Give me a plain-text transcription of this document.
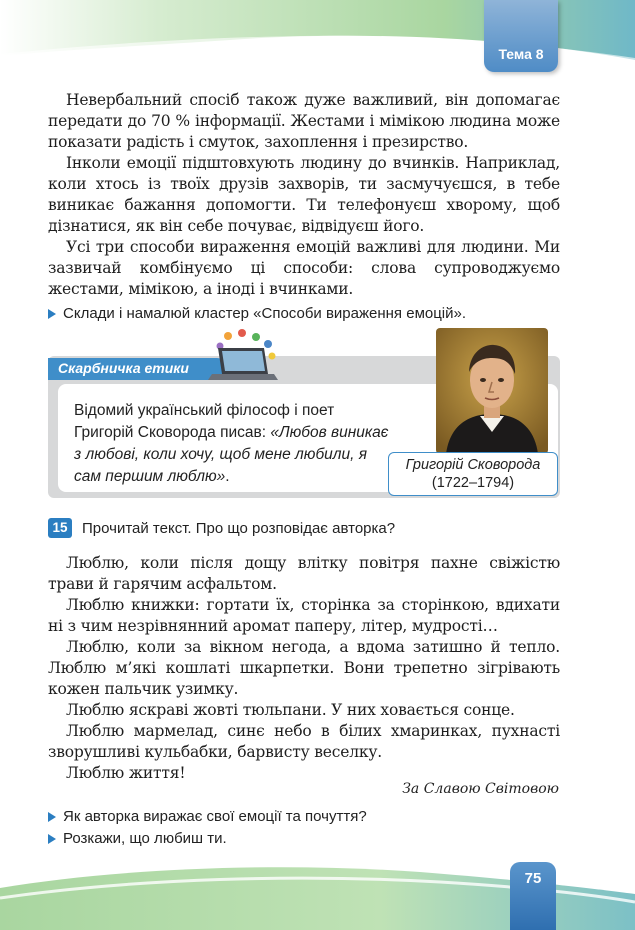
Тема 8

Невербальний спосіб також дуже важливий, він допомагає передати до 70 % інформації. Жестами і мімікою людина може показати радість і смуток, захоплення і презирство.

Інколи емоції підштовхують людину до вчинків. Наприклад, коли хтось із твоїх друзів захворів, ти засмучуєшся, в тебе виникає бажання допомогти. Ти телефонуєш хворому, щоб дізнатися, як він себе почуває, відвідуєш його.

Усі три способи вираження емоцій важливі для людини. Ми зазвичай комбінуємо ці способи: слова супроводжуємо жестами, мімікою, а іноді і вчинками.

Склади і намалюй кластер «Способи вираження емоцій».
Скарбничка етики
Відомий український філософ і поет Григорій Сковорода писав: «Любов виникає з любові, коли хочу, щоб мене любили, я сам першим люблю».
Григорій Сковорода
(1722–1794)
15 Прочитай текст. Про що розповідає авторка?

Люблю, коли після дощу влітку повітря пахне свіжістю трави й гарячим асфальтом.

Люблю книжки: гортати їх, сторінка за сторінкою, вдихати ні з чим незрівнянний аромат паперу, літер, мудрості…

Люблю, коли за вікном негода, а вдома затишно й тепло. Люблю м’які кошлаті шкарпетки. Вони трепетно зігрівають кожен пальчик узимку.

Люблю яскраві жовті тюльпани. У них ховається сонце.

Люблю мармелад, синє небо в білих хмаринках, пухнасті зворушливі кульбабки, барвисту веселку.

Люблю життя!

За Славою Світовою
Як авторка виражає свої емоції та почуття?
Розкажи, що любиш ти.
75
